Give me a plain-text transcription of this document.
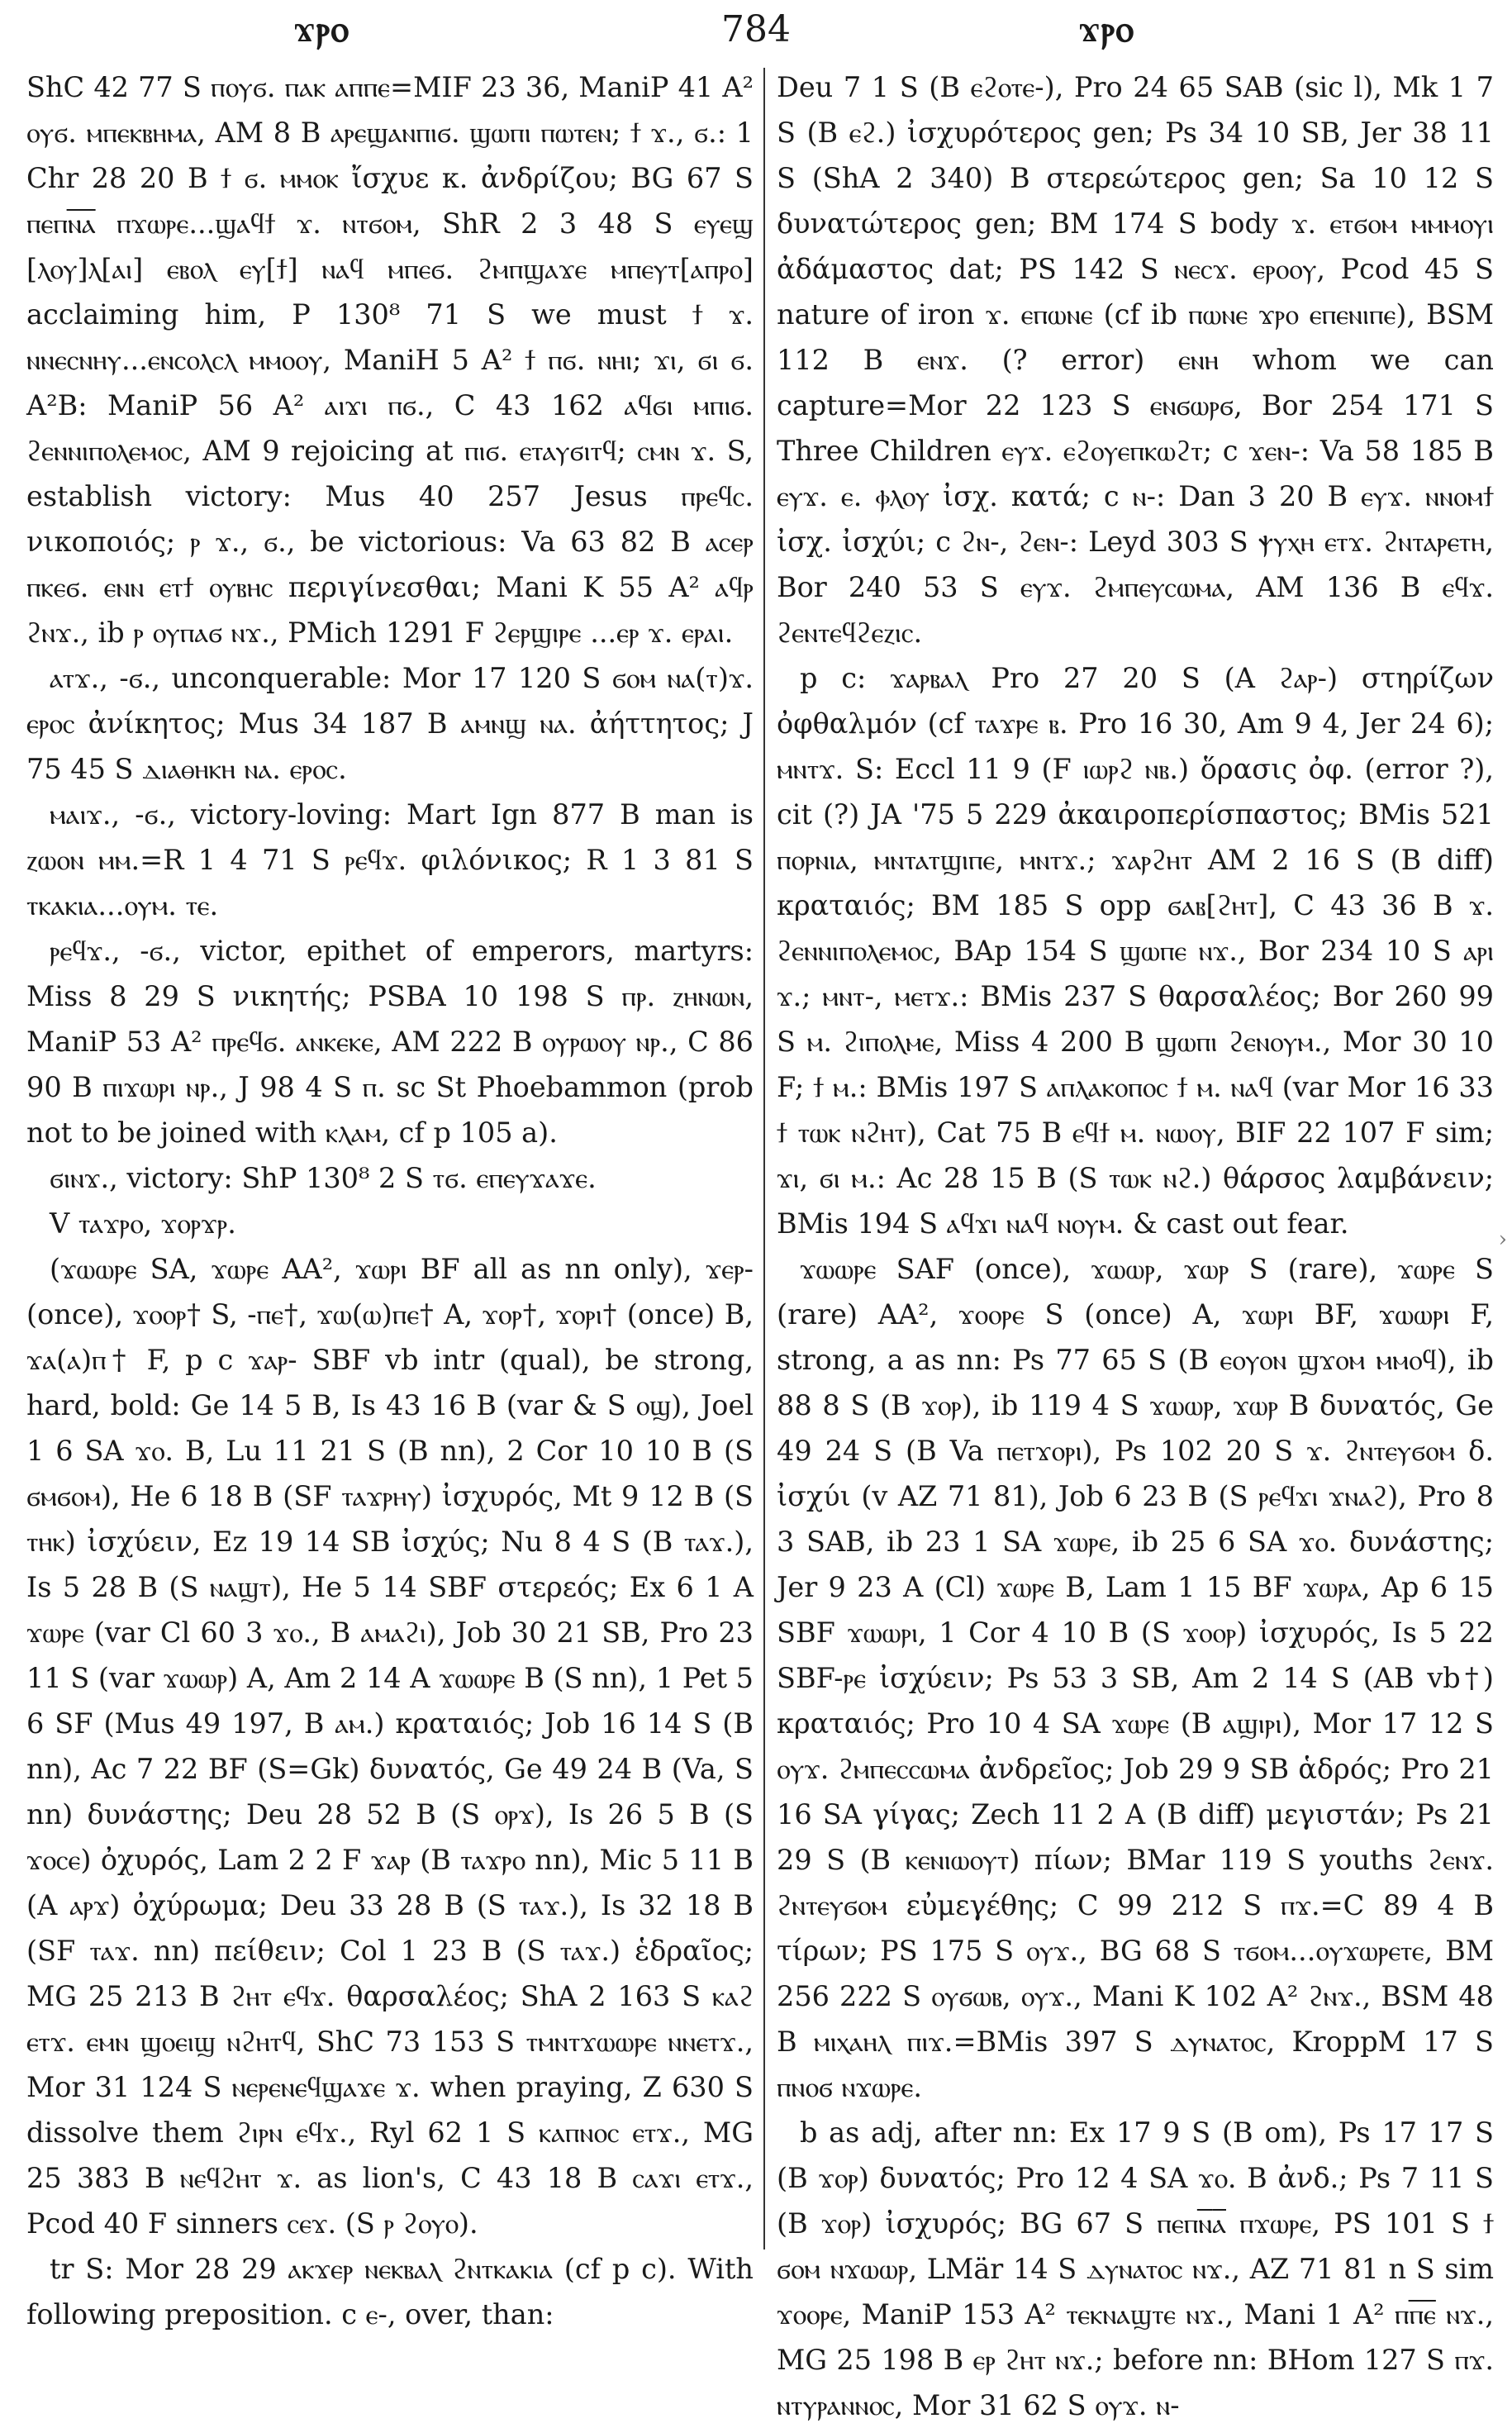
ϫⲣⲟ	784	ϫⲣⲟ

ShC 42 77 S ⲡⲟⲩϭ. ⲡⲁⲕ ⲁⲡⲡⲉ=MIF 23 36, ManiP 41 A² ⲟⲩϭ. ⲙⲡⲉⲕⲃⲏⲙⲁ, AM 8 B ⲁⲣⲉϣⲁⲛⲡⲓϭ. ϣⲱⲡⲓ ⲡⲱⲧⲉⲛ; ϯ ϫ., ϭ.: 1 Chr 28 20 B ϯ ϭ. ⲙⲙⲟⲕ ἴσχυε κ. ἀνδρίζου; BG 67 S ⲡⲉⲡⲛ︦ⲁ︦ ⲡϫⲱⲣⲉ...ϣⲁϥϯ ϫ. ⲛⲧϭⲟⲙ, ShR 2 3 48 S ⲉⲩⲉϣ [ⲗⲟⲩ]ⲗ[ⲁⲓ] ⲉⲃⲟⲗ ⲉⲩ[ϯ] ⲛⲁϥ ⲙⲡⲉϭ. ϩⲙⲡϣⲁϫⲉ ⲙⲡⲉⲩⲧ[ⲁⲡⲣⲟ] acclaiming him, P 130⁸ 71 S we must ϯ ϫ. ⲛⲛⲉⲥⲛⲏⲩ...ⲉⲛⲥⲟⲗⲥⲗ ⲙⲙⲟⲟⲩ, ManiH 5 A² ϯ ⲡϭ. ⲛⲏⲓ; ϫⲓ, ϭⲓ ϭ. A²B: ManiP 56 A² ⲁⲓϫⲓ ⲡϭ., C 43 162 ⲁϥϭⲓ ⲙⲡⲓϭ. ϩⲉⲛⲛⲓⲡⲟⲗⲉⲙⲟⲥ, AM 9 rejoicing at ⲡⲓϭ. ⲉⲧⲁⲩϭⲓⲧϥ; ⲥⲙⲛ ϫ. S, establish victory: Mus 40 257 Jesus ⲡⲣⲉϥⲥ. νικοποιός; ⲣ ϫ., ϭ., be victorious: Va 63 82 B ⲁⲥⲉⲣ ⲡⲕⲉϭ. ⲉⲛⲛ ⲉⲧϯ ⲟⲩⲃⲏⲥ περιγίνεσθαι; Mani K 55 A² ⲁϥⲣ ϩⲛϫ., ib ⲣ ⲟⲩⲡⲁϭ ⲛϫ., PMich 1291 F ϩⲉⲣϣⲓⲣⲉ ...ⲉⲣ ϫ. ⲉⲣⲁⲓ.

ⲁⲧϫ., -ϭ., unconquerable: Mor 17 120 S ϭⲟⲙ ⲛⲁ(ⲧ)ϫ. ⲉⲣⲟⲥ ἀνίκητος; Mus 34 187 B ⲁⲙⲛϣ ⲛⲁ. ἀήττητος; J 75 45 S ⲇⲓⲁⲑⲏⲕⲏ ⲛⲁ. ⲉⲣⲟⲥ.

ⲙⲁⲓϫ., -ϭ., victory-loving: Mart Ign 877 B man is ⲍⲱⲟⲛ ⲙⲙ.=R 1 4 71 S ⲣⲉϥϫ. φιλόνικος; R 1 3 81 S ⲧⲕⲁⲕⲓⲁ...ⲟⲩⲙ. ⲧⲉ.

ⲣⲉϥϫ., -ϭ., victor, epithet of emperors, martyrs: Miss 8 29 S νικητής; PSBA 10 198 S ⲡⲣ. ⲍⲏⲛⲱⲛ, ManiP 53 A² ⲡⲣⲉϥϭ. ⲁⲛⲕⲉⲕⲉ, AM 222 B ⲟⲩⲣⲱⲟⲩ ⲛⲣ., C 86 90 B ⲡⲓϫⲱⲣⲓ ⲛⲣ., J 98 4 S ⲡ. sc St Phoebammon (prob not to be joined with ⲕⲗⲁⲙ, cf p 105 a).

ϭⲓⲛϫ., victory: ShP 130⁸ 2 S ⲧϭ. ⲉⲡⲉⲩϫⲁϫⲉ.

V ⲧⲁϫⲣⲟ, ϫⲟⲣϫⲣ.

(ϫⲱⲱⲣⲉ SA, ϫⲱⲣⲉ AA², ϫⲱⲣⲓ BF all as nn only), ϫⲉⲣ- (once), ϫⲟⲟⲣ† S, -ⲡⲉ†, ϫⲱ(ⲱ)ⲡⲉ† A, ϫⲟⲣ†, ϫⲟⲣⲓ† (once) B, ϫⲁ(ⲁ)ⲡ† F, p c ϫⲁⲣ- SBF vb intr (qual), be strong, hard, bold: Ge 14 5 B, Is 43 16 B (var & S ⲟϣ), Joel 1 6 SA ϫⲟ. B, Lu 11 21 S (B nn), 2 Cor 10 10 B (S ϭⲙϭⲟⲙ), He 6 18 B (SF ⲧⲁϫⲣⲏⲩ) ἰσχυρός, Mt 9 12 B (S ⲧⲏⲕ) ἰσχύειν, Ez 19 14 SB ἰσχύς; Nu 8 4 S (B ⲧⲁϫ.), Is 5 28 B (S ⲛⲁϣⲧ), He 5 14 SBF στερεός; Ex 6 1 A ϫⲱⲣⲉ (var Cl 60 3 ϫⲟ., B ⲁⲙⲁϩⲓ), Job 30 21 SB, Pro 23 11 S (var ϫⲱⲱⲣ) A, Am 2 14 A ϫⲱⲱⲣⲉ B (S nn), 1 Pet 5 6 SF (Mus 49 197, B ⲁⲙ.) κραταιός; Job 16 14 S (B nn), Ac 7 22 BF (S=Gk) δυνατός, Ge 49 24 B (Va, S nn) δυνάστης; Deu 28 52 B (S ⲟⲣϫ), Is 26 5 B (S ϫⲟⲥⲉ) ὀχυρός, Lam 2 2 F ϫⲁⲣ (B ⲧⲁϫⲣⲟ nn), Mic 5 11 B (A ⲁⲣϫ) ὀχύρωμα; Deu 33 28 B (S ⲧⲁϫ.), Is 32 18 B (SF ⲧⲁϫ. nn) πείθειν; Col 1 23 B (S ⲧⲁϫ.) ἑδραῖος; MG 25 213 B ϩⲏⲧ ⲉϥϫ. θαρσαλέος; ShA 2 163 S ⲕⲁϩ ⲉⲧϫ. ⲉⲙⲛ ϣⲟⲉⲓϣ ⲛϩⲏⲧϥ, ShC 73 153 S ⲧⲙⲛⲧϫⲱⲱⲣⲉ ⲛⲛⲉⲧϫ., Mor 31 124 S ⲛⲉⲣⲉⲛⲉϥϣⲁϫⲉ ϫ. when praying, Z 630 S dissolve them ϩⲓⲣⲛ ⲉϥϫ., Ryl 62 1 S ⲕⲁⲡⲛⲟⲥ ⲉⲧϫ., MG 25 383 B ⲛⲉϥϩⲏⲧ ϫ. as lion's, C 43 18 B ⲥⲁϫⲓ ⲉⲧϫ., Pcod 40 F sinners ⲥⲉϫ. (S ⲣ ϩⲟⲩⲟ).

tr S: Mor 28 29 ⲁⲕϫⲉⲣ ⲛⲉⲕⲃⲁⲗ ϩⲛⲧⲕⲁⲕⲓⲁ (cf p c). With following preposition. c ⲉ-, over, than:

Deu 7 1 S (B ⲉϩⲟⲧⲉ-), Pro 24 65 SAB (sic l), Mk 1 7 S (B ⲉϩ.) ἰσχυρότερος gen; Ps 34 10 SB, Jer 38 11 S (ShA 2 340) B στερεώτερος gen; Sa 10 12 S δυνατώτερος gen; BM 174 S body ϫ. ⲉⲧϭⲟⲙ ⲙⲙⲙⲟⲩⲓ ἀδάμαστος dat; PS 142 S ⲛⲉⲥϫ. ⲉⲣⲟⲟⲩ, Pcod 45 S nature of iron ϫ. ⲉⲡⲱⲛⲉ (cf ib ⲡⲱⲛⲉ ϫⲣⲟ ⲉⲡⲉⲛⲓⲡⲉ), BSM 112 B ⲉⲛϫ. (? error) ⲉⲛⲏ whom we can capture=Mor 22 123 S ⲉⲛϭⲱⲣϭ, Bor 254 171 S Three Children ⲉⲩϫ. ⲉϩⲟⲩⲉⲡⲕⲱϩⲧ; c ϫⲉⲛ-: Va 58 185 B ⲉⲩϫ. ⲉ. ⲫⲗⲟⲩ ἰσχ. κατά; c ⲛ-: Dan 3 20 B ⲉⲩϫ. ⲛⲛⲟⲙϯ ἰσχ. ἰσχύι; c ϩⲛ-, ϩⲉⲛ-: Leyd 303 S ⲯⲩⲭⲏ ⲉⲧϫ. ϩⲛⲧⲁⲣⲉⲧⲏ, Bor 240 53 S ⲉⲩϫ. ϩⲙⲡⲉⲩⲥⲱⲙⲁ, AM 136 B ⲉϥϫ. ϩⲉⲛⲧⲉϥϩⲉⲍⲓⲥ.

p c: ϫⲁⲣⲃⲁⲗ Pro 27 20 S (A ϩⲁⲣ-) στηρίζων ὀφθαλμόν (cf ⲧⲁϫⲣⲉ ⲃ. Pro 16 30, Am 9 4, Jer 24 6); ⲙⲛⲧϫ. S: Eccl 11 9 (F ⲓⲱⲣϩ ⲛⲃ.) ὅρασις ὀφ. (error ?), cit (?) JA '75 5 229 ἀκαιροπερίσπαστος; BMis 521 ⲡⲟⲣⲛⲓⲁ, ⲙⲛⲧⲁⲧϣⲓⲡⲉ, ⲙⲛⲧϫ.; ϫⲁⲣϩⲏⲧ AM 2 16 S (B diff) κραταιός; BM 185 S opp ϭⲁⲃ[ϩⲏⲧ], C 43 36 B ϫ. ϩⲉⲛⲛⲓⲡⲟⲗⲉⲙⲟⲥ, BAp 154 S ϣⲱⲡⲉ ⲛϫ., Bor 234 10 S ⲁⲣⲓ ϫ.; ⲙⲛⲧ-, ⲙⲉⲧϫ.: BMis 237 S θαρσαλέος; Bor 260 99 S ⲙ. ϩⲓⲡⲟⲗⲙⲉ, Miss 4 200 B ϣⲱⲡⲓ ϩⲉⲛⲟⲩⲙ., Mor 30 10 F; ϯ ⲙ.: BMis 197 S ⲁⲡⲗⲁⲕⲟⲡⲟⲥ ϯ ⲙ. ⲛⲁϥ (var Mor 16 33 ϯ ⲧⲱⲕ ⲛϩⲏⲧ), Cat 75 B ⲉϥϯ ⲙ. ⲛⲱⲟⲩ, BIF 22 107 F sim; ϫⲓ, ϭⲓ ⲙ.: Ac 28 15 B (S ⲧⲱⲕ ⲛϩ.) θάρσος λαμβάνειν; BMis 194 S ⲁϥϫⲓ ⲛⲁϥ ⲛⲟⲩⲙ. & cast out fear.

ϫⲱⲱⲣⲉ SAF (once), ϫⲱⲱⲣ, ϫⲱⲣ S (rare), ϫⲱⲣⲉ S (rare) AA², ϫⲟⲟⲣⲉ S (once) A, ϫⲱⲣⲓ BF, ϫⲱⲱⲣⲓ F, strong, a as nn: Ps 77 65 S (B ⲉⲟⲩⲟⲛ ϣϫⲟⲙ ⲙⲙⲟϥ), ib 88 8 S (B ϫⲟⲣ), ib 119 4 S ϫⲱⲱⲣ, ϫⲱⲣ B δυνατός, Ge 49 24 S (B Va ⲡⲉⲧϫⲟⲣⲓ), Ps 102 20 S ϫ. ϩⲛⲧⲉⲩϭⲟⲙ δ. ἰσχύι (v AZ 71 81), Job 6 23 B (S ⲣⲉϥϫⲓ ϫⲛⲁϩ), Pro 8 3 SAB, ib 23 1 SA ϫⲱⲣⲉ, ib 25 6 SA ϫⲟ. δυνάστης; Jer 9 23 A (Cl) ϫⲱⲣⲉ B, Lam 1 15 BF ϫⲱⲣⲁ, Ap 6 15 SBF ϫⲱⲱⲣⲓ, 1 Cor 4 10 B (S ϫⲟⲟⲣ) ἰσχυρός, Is 5 22 SBF-ⲣⲉ ἰσχύειν; Ps 53 3 SB, Am 2 14 S (AB vb†) κραταιός; Pro 10 4 SA ϫⲱⲣⲉ (B ⲁϣⲓⲣⲓ), Mor 17 12 S ⲟⲩϫ. ϩⲙⲡⲉⲥⲥⲱⲙⲁ ἀνδρεῖος; Job 29 9 SB ἁδρός; Pro 21 16 SA γίγας; Zech 11 2 A (B diff) μεγιστάν; Ps 21 29 S (B ⲕⲉⲛⲓⲱⲟⲩⲧ) πίων; BMar 119 S youths ϩⲉⲛϫ. ϩⲛⲧⲉⲩϭⲟⲙ εὐμεγέθης; C 99 212 S ⲡϫ.=C 89 4 B τίρων; PS 175 S ⲟⲩϫ., BG 68 S ⲧϭⲟⲙ...ⲟⲩϫⲱⲣⲉⲧⲉ, BM 256 222 S ⲟⲩϭⲱⲃ, ⲟⲩϫ., Mani K 102 A² ϩⲛϫ., BSM 48 B ⲙⲓⲭⲁⲏⲗ ⲡⲓϫ.=BMis 397 S ⲇⲩⲛⲁⲧⲟⲥ, KroppM 17 S ⲡⲛⲟϭ ⲛϫⲱⲣⲉ.

b as adj, after nn: Ex 17 9 S (B om), Ps 17 17 S (B ϫⲟⲣ) δυνατός; Pro 12 4 SA ϫⲟ. B ἀνδ.; Ps 7 11 S (B ϫⲟⲣ) ἰσχυρός; BG 67 S ⲡⲉⲡⲛ︦ⲁ︦ ⲡϫⲱⲣⲉ, PS 101 S ϯ ϭⲟⲙ ⲛϫⲱⲱⲣ, LMär 14 S ⲇⲩⲛⲁⲧⲟⲥ ⲛϫ., AZ 71 81 n S sim ϫⲟⲟⲣⲉ, ManiP 153 A² ⲧⲉⲕⲛⲁϣⲧⲉ ⲛϫ., Mani 1 A² ⲡⲡ︦ⲉ︦ ⲛϫ., MG 25 198 B ⲉⲣ ϩⲏⲧ ⲛϫ.; before nn: BHom 127 S ⲡϫ. ⲛⲧⲩⲣⲁⲛⲛⲟⲥ, Mor 31 62 S ⲟⲩϫ. ⲛ-

›
